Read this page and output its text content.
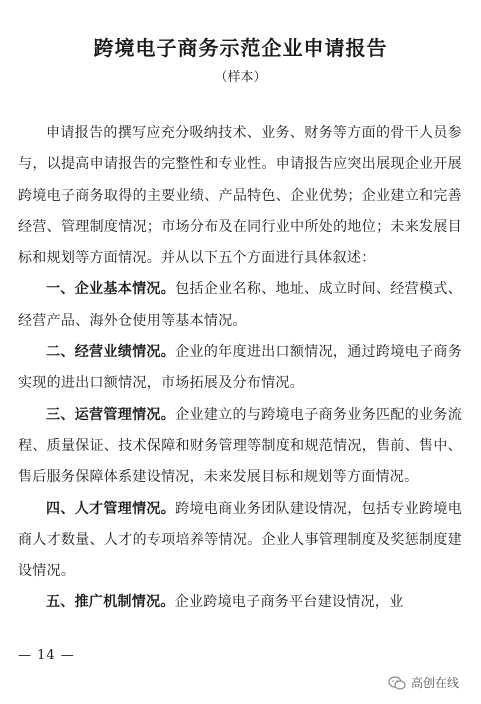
跨境电子商务示范企业申请报告
（样本）

申请报告的撰写应充分吸纳技术、业务、财务等方面的骨干人员参与，以提高申请报告的完整性和专业性。申请报告应突出展现企业开展跨境电子商务取得的主要业绩、产品特色、企业优势；企业建立和完善经营、管理制度情况；市场分布及在同行业中所处的地位；未来发展目标和规划等方面情况。并从以下五个方面进行具体叙述：

一、企业基本情况。包括企业名称、地址、成立时间、经营模式、经营产品、海外仓使用等基本情况。

二、经营业绩情况。企业的年度进出口额情况，通过跨境电子商务实现的进出口额情况，市场拓展及分布情况。

三、运营管理情况。企业建立的与跨境电子商务业务匹配的业务流程、质量保证、技术保障和财务管理等制度和规范情况，售前、售中、售后服务保障体系建设情况，未来发展目标和规划等方面情况。

四、人才管理情况。跨境电商业务团队建设情况，包括专业跨境电商人才数量、人才的专项培养等情况。企业人事管理制度及奖惩制度建设情况。

五、推广机制情况。企业跨境电子商务平台建设情况，业

— 14 —
高创在线
